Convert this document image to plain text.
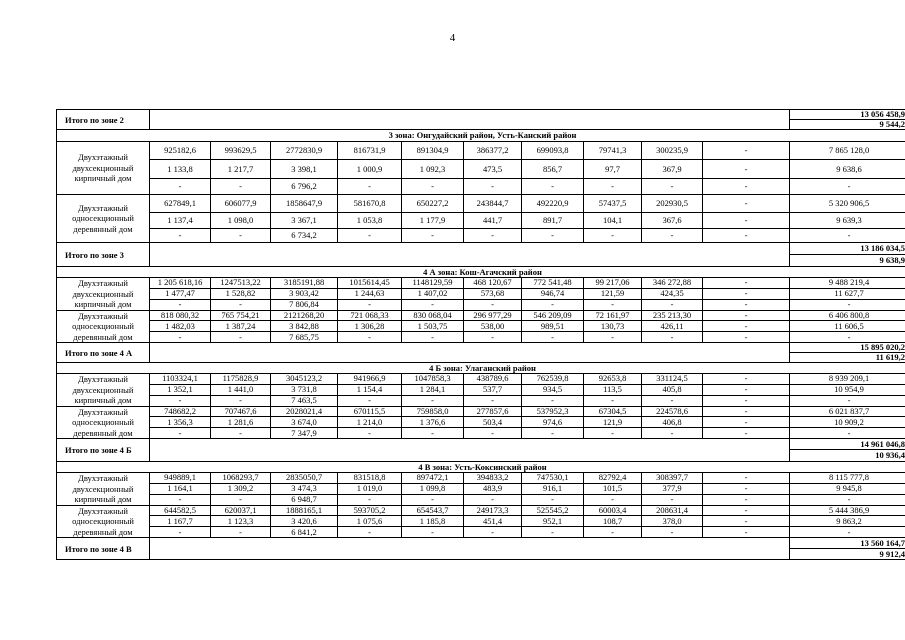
4
Итого по зоне 2											13 056 458,9
											9 544,2
3 зона: Онгудайский район, Усть-Канский район											
Двухэтажный двухсекционный кирпичный дом	925182,6	993629,5	2772830,9	816731,9	891304,9	386377,2	699093,8	79741,3	300235,9	-	7 865 128,0
	1 133,8	1 217,7	3 398,1	1 000,9	1 092,3	473,5	856,7	97,7	367,9	-	9 638,6
	-	-	6 796,2	-	-	-	-	-	-	-	-
Двухэтажный односекционный деревянный дом	627849,1	606077,9	1858647,9	581670,8	650227,2	243844,7	492220,9	57437,5	202930,5	-	5 320 906,5
	1 137,4	1 098,0	3 367,1	1 053,8	1 177,9	441,7	891,7	104,1	367,6	-	9 639,3
	-	-	6 734,2	-	-	-	-	-	-	-	-
Итого по зоне 3											13 186 034,5
											9 638,9
4 А зона: Кош-Агачский район											
Двухэтажный двухсекционный кирпичный дом	1 205 618,16	1247513,22	3185191,88	1015614,45	1148129,59	468 120,67	772 541,48	99 217,06	346 272,88	-	9 488 219,4
	1 477,47	1 528,82	3 903,42	1 244,63	1 407,02	573,68	946,74	121,59	424,35	-	11 627,7
	-	-	7 806,84	-	-	-	-	-	-	-	-
Двухэтажный односекционный деревянный дом	818 080,32	765 754,21	2121268,20	721 068,33	830 068,04	296 977,29	546 209,09	72 161,97	235 213,30	-	6 406 800,8
	1 482,03	1 387,24	3 842,88	1 306,28	1 503,75	538,00	989,51	130,73	426,11	-	11 606,5
	-	-	7 685,75	-	-	-	-	-	-	-	-
Итого по зоне 4 А											15 895 020,2
											11 619,2
4 Б зона: Улаганский район											
Двухэтажный двухсекционный кирпичный дом	1103324,1	1175828,9	3045123,2	941966,9	1047858,3	438789,6	762539,8	92653,8	331124,5	-	8 939 209,1
	1 352,1	1 441,0	3 731,8	1 154,4	1 284,1	537,7	934,5	113,5	405,8	-	10 954,9
	-	-	7 463,5	-	-	-	-	-	-	-	-
Двухэтажный односекционный деревянный дом	748682,2	707467,6	2028021,4	670115,5	759858,0	277857,6	537952,3	67304,5	224578,6	-	6 021 837,7
	1 356,3	1 281,6	3 674,0	1 214,0	1 376,6	503,4	974,6	121,9	406,8	-	10 909,2
	-	-	7 347,9	-	-	-	-	-	-	-	-
Итого по зоне 4 Б											14 961 046,8
											10 936,4
4 В зона: Усть-Коксинский район											
Двухэтажный двухсекционный кирпичный дом	949889,1	1068293,7	2835050,7	831518,8	897472,1	394833,2	747530,1	82792,4	308397,7	-	8 115 777,8
	1 164,1	1 309,2	3 474,3	1 019,0	1 099,8	483,9	916,1	101,5	377,9	-	9 945,8
	-	-	6 948,7	-	-	-	-	-	-	-	-
Двухэтажный односекционный деревянный дом	644582,5	620037,1	1888165,1	593705,2	654543,7	249173,3	525545,2	60003,4	208631,4	-	5 444 386,9
	1 167,7	1 123,3	3 420,6	1 075,6	1 185,8	451,4	952,1	108,7	378,0	-	9 863,2
	-	-	6 841,2	-	-	-	-	-	-	-	-
Итого по зоне 4 В											13 560 164,7
											9 912,4
